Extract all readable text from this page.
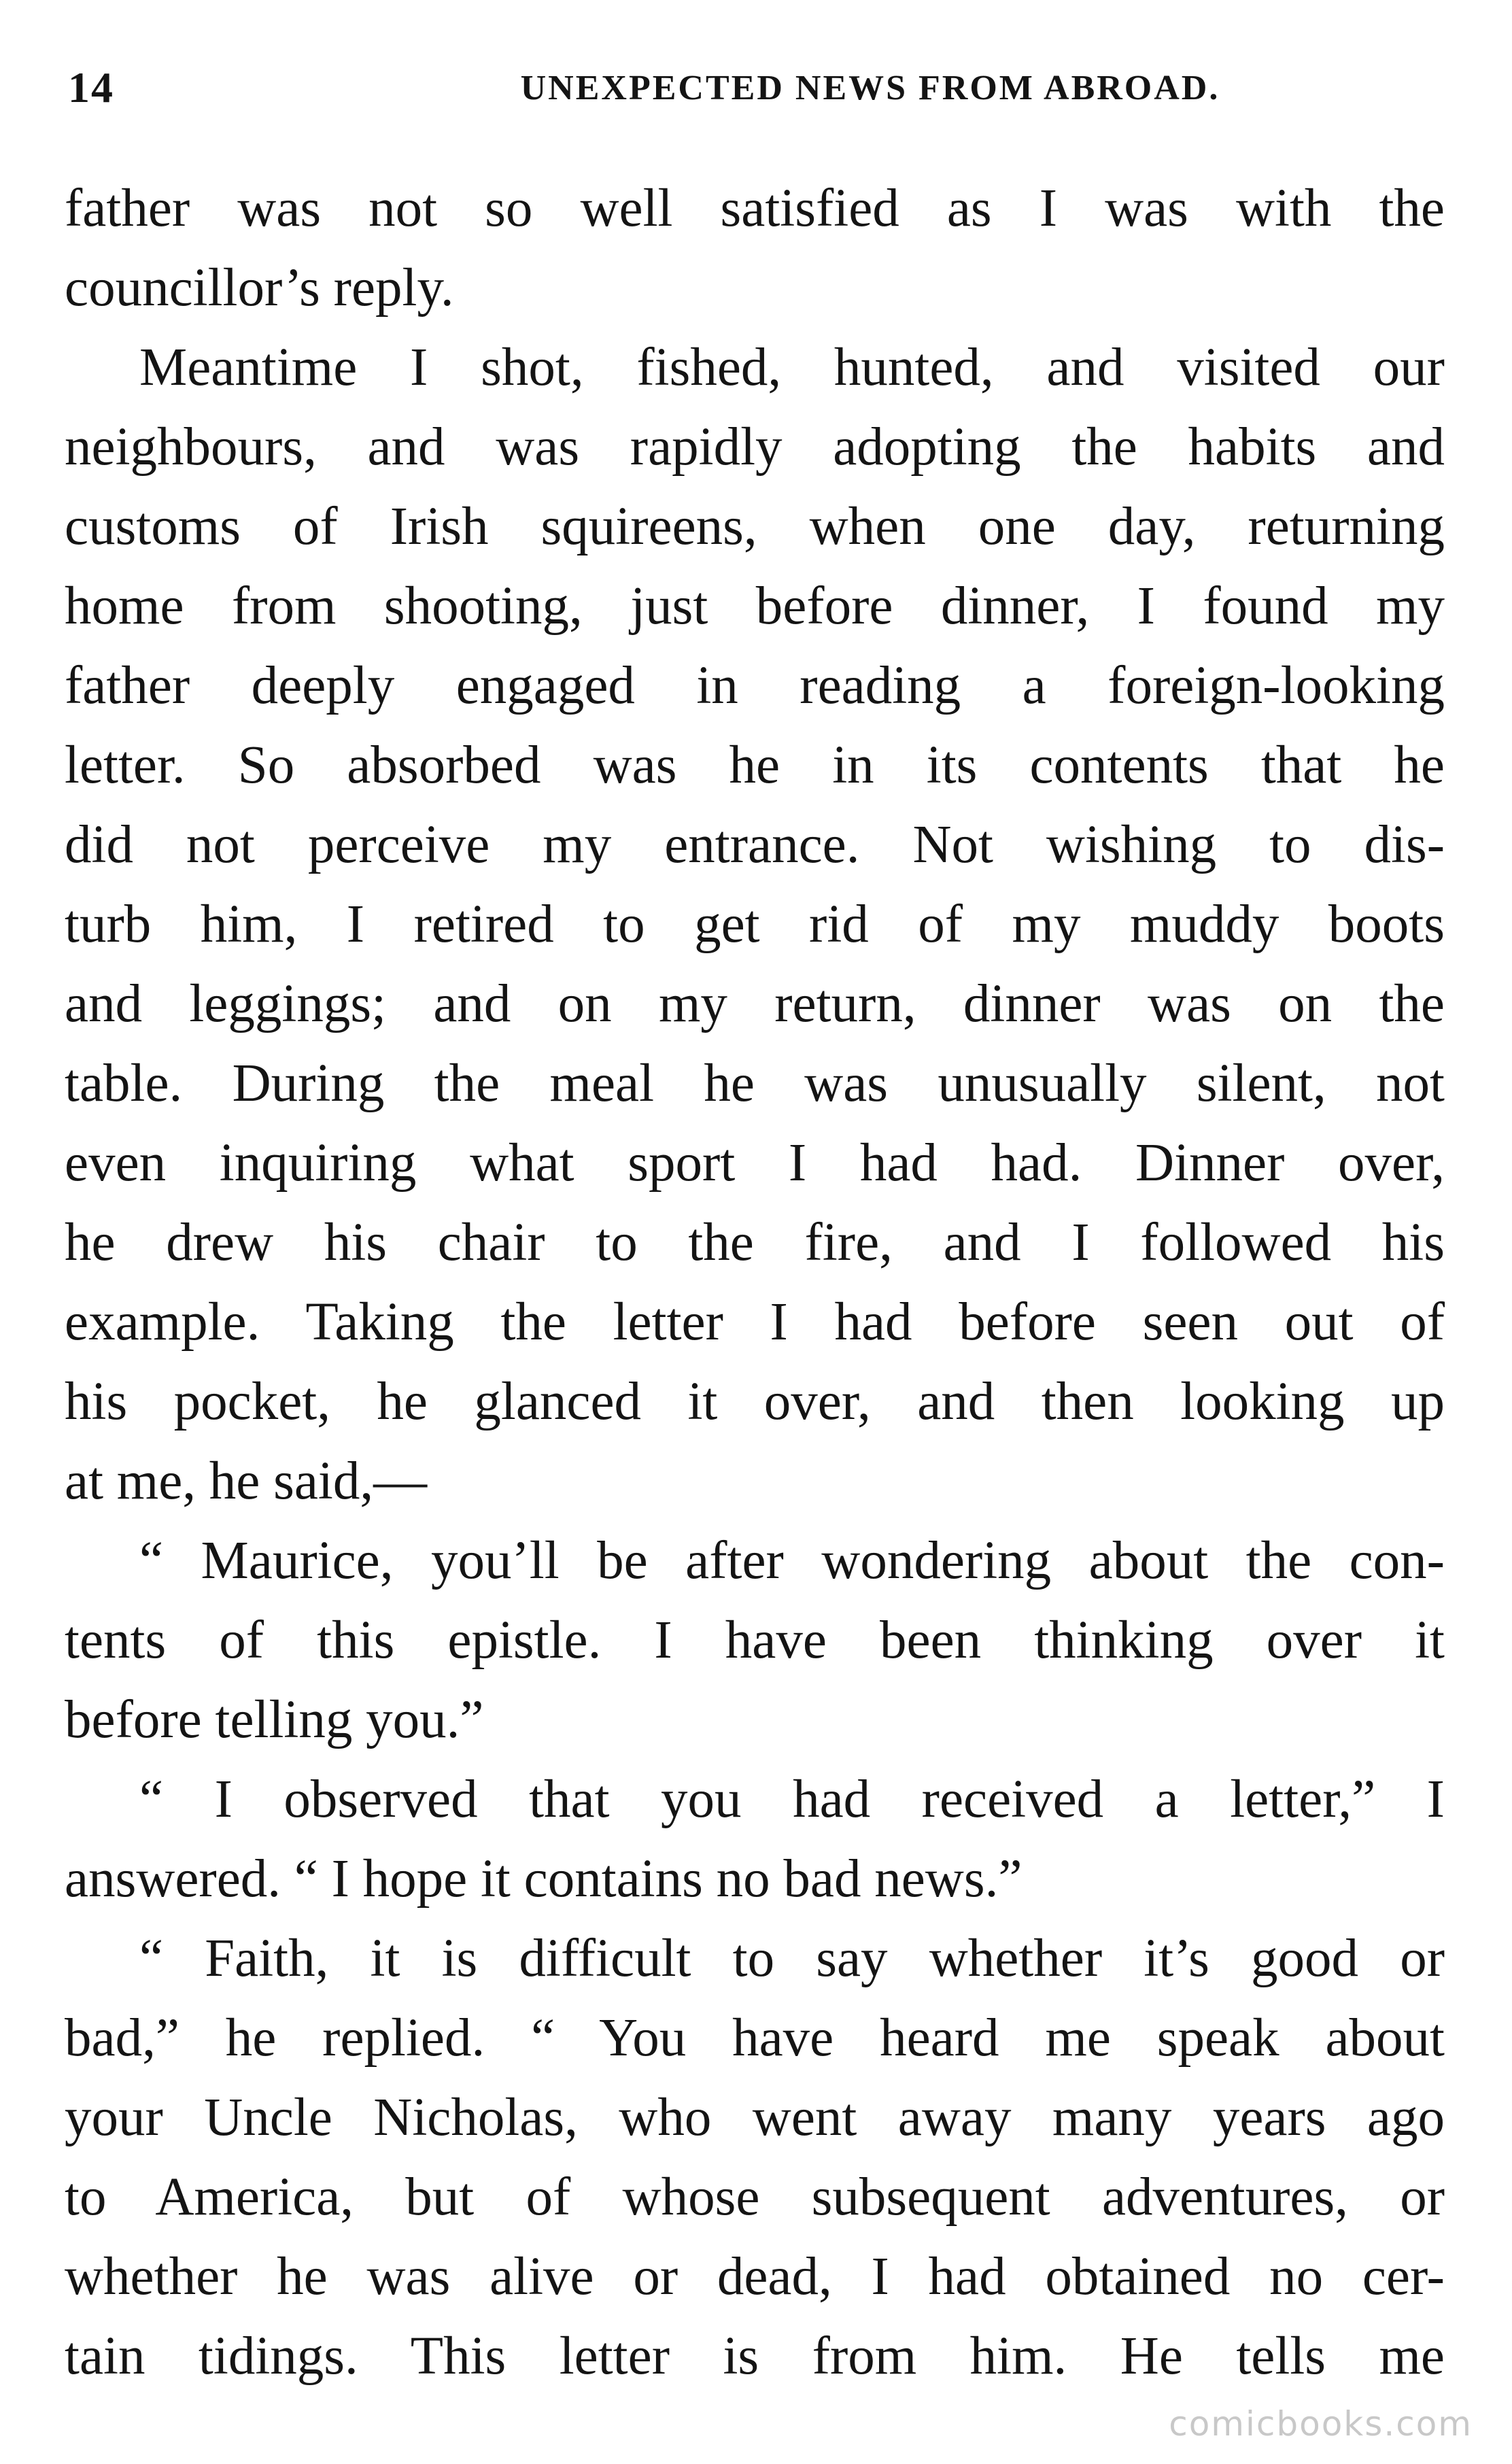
14	UNEXPECTED NEWS FROM ABROAD.
father was not so well satisfied as I was with the
councillor’s reply.
Meantime I shot, fished, hunted, and visited our
neighbours, and was rapidly adopting the habits and
customs of Irish squireens, when one day, returning
home from shooting, just before dinner, I found my
father deeply engaged in reading a foreign-looking
letter. So absorbed was he in its contents that he
did not perceive my entrance. Not wishing to dis-
turb him, I retired to get rid of my muddy boots
and leggings; and on my return, dinner was on the
table. During the meal he was unusually silent, not
even inquiring what sport I had had. Dinner over,
he drew his chair to the fire, and I followed his
example. Taking the letter I had before seen out of
his pocket, he glanced it over, and then looking up
at me, he said,—
“ Maurice, you’ll be after wondering about the con-
tents of this epistle. I have been thinking over it
before telling you.”
“ I observed that you had received a letter,” I
answered. “ I hope it contains no bad news.”
“ Faith, it is difficult to say whether it’s good or
bad,” he replied. “ You have heard me speak about
your Uncle Nicholas, who went away many years ago
to America, but of whose subsequent adventures, or
whether he was alive or dead, I had obtained no cer-
tain tidings. This letter is from him. He tells me
comicbooks.com
